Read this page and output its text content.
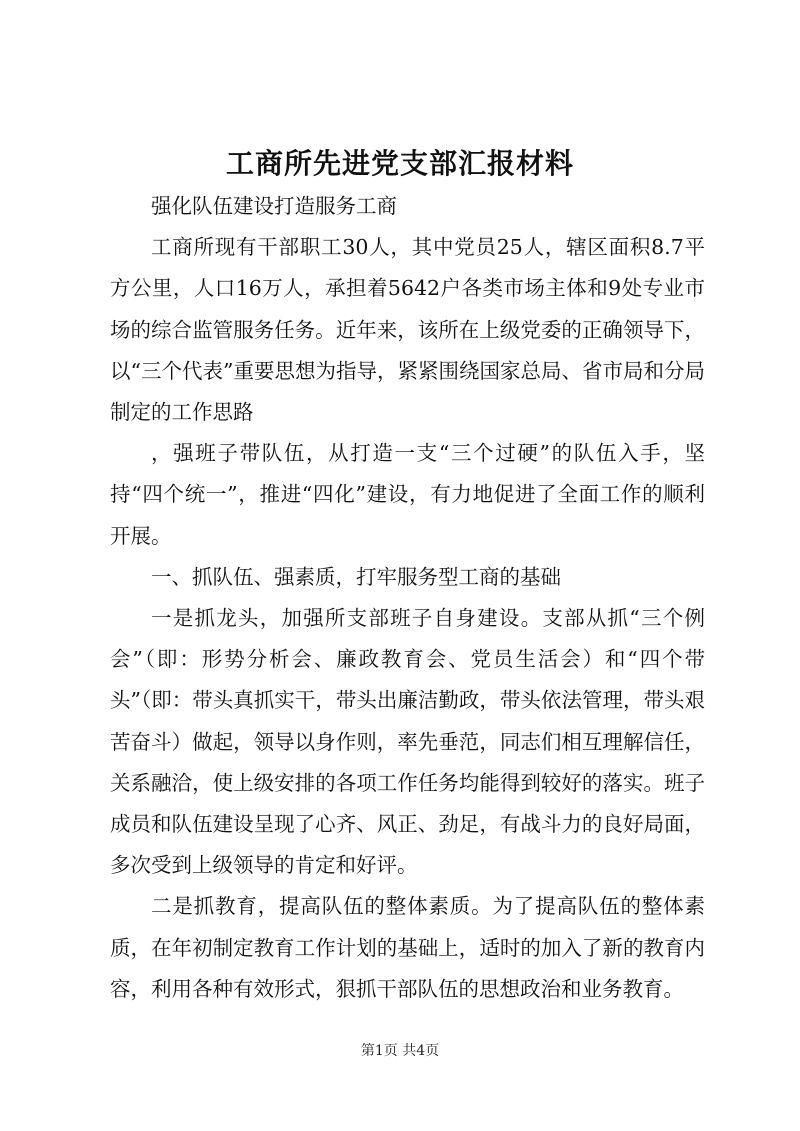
工商所先进党支部汇报材料

强化队伍建设打造服务工商

工商所现有干部职工30人，其中党员25人，辖区面积8.7平方公里，人口16万人，承担着5642户各类市场主体和9处专业市场的综合监管服务任务。近年来，该所在上级党委的正确领导下，以“三个代表”重要思想为指导，紧紧围绕国家总局、省市局和分局制定的工作思路

，强班子带队伍，从打造一支“三个过硬”的队伍入手，坚持“四个统一”，推进“四化”建设，有力地促进了全面工作的顺利开展。

一、抓队伍、强素质，打牢服务型工商的基础

一是抓龙头，加强所支部班子自身建设。支部从抓“三个例会”（即：形势分析会、廉政教育会、党员生活会）和“四个带头”（即：带头真抓实干，带头出廉洁勤政，带头依法管理，带头艰苦奋斗）做起，领导以身作则，率先垂范，同志们相互理解信任，关系融洽，使上级安排的各项工作任务均能得到较好的落实。班子成员和队伍建设呈现了心齐、风正、劲足，有战斗力的良好局面，多次受到上级领导的肯定和好评。

二是抓教育，提高队伍的整体素质。为了提高队伍的整体素质，在年初制定教育工作计划的基础上，适时的加入了新的教育内容，利用各种有效形式，狠抓干部队伍的思想政治和业务教育。

第1页 共4页
